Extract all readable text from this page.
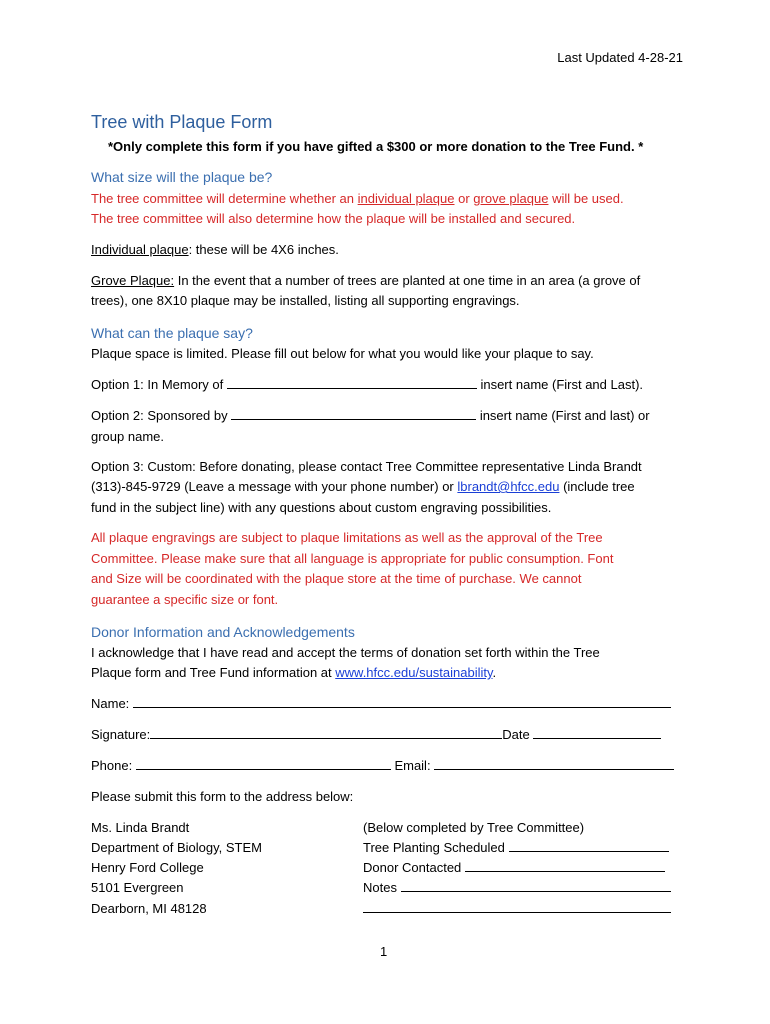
Last Updated 4-28-21
Tree with Plaque Form
*Only complete this form if you have gifted a $300 or more donation to the Tree Fund. *
What size will the plaque be?
The tree committee will determine whether an individual plaque or grove plaque will be used.
The tree committee will also determine how the plaque will be installed and secured.
Individual plaque: these will be 4X6 inches.
Grove Plaque: In the event that a number of trees are planted at one time in an area (a grove of
trees), one 8X10 plaque may be installed, listing all supporting engravings.
What can the plaque say?
Plaque space is limited. Please fill out below for what you would like your plaque to say.
Option 1: In Memory of	insert name (First and Last).
Option 2: Sponsored by	insert name (First and last) or
group name.
Option 3: Custom: Before donating, please contact Tree Committee representative Linda Brandt
(313)-845-9729 (Leave a message with your phone number) or lbrandt@hfcc.edu (include tree
fund in the subject line) with any questions about custom engraving possibilities.
All plaque engravings are subject to plaque limitations as well as the approval of the Tree
Committee. Please make sure that all language is appropriate for public consumption. Font
and Size will be coordinated with the plaque store at the time of purchase. We cannot
guarantee a specific size or font.
Donor Information and Acknowledgements
I acknowledge that I have read and accept the terms of donation set forth within the Tree
Plaque form and Tree Fund information at www.hfcc.edu/sustainability.
Name:
Signature:	Date
Phone:	Email:
Please submit this form to the address below:
Ms. Linda Brandt
Department of Biology, STEM
Henry Ford College
5101 Evergreen
Dearborn, MI 48128
(Below completed by Tree Committee)
Tree Planting Scheduled
Donor Contacted
Notes
1
